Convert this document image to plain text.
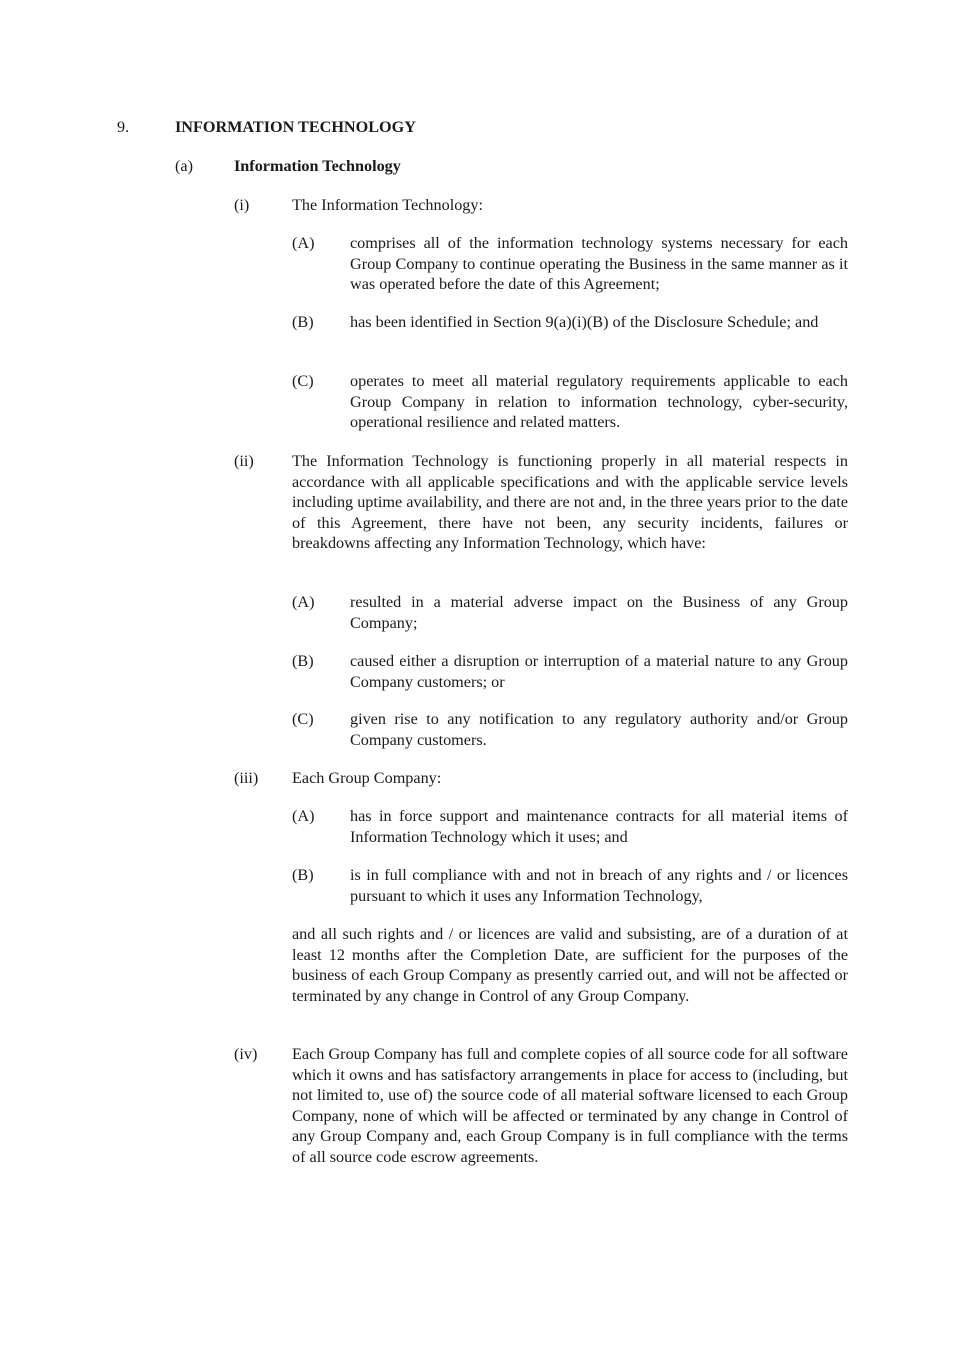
9.	INFORMATION TECHNOLOGY
(a)	Information Technology
(i)	The Information Technology:
(A) comprises all of the information technology systems necessary for each Group Company to continue operating the Business in the same manner as it was operated before the date of this Agreement;
(B) has been identified in Section 9(a)(i)(B) of the Disclosure Schedule; and
(C) operates to meet all material regulatory requirements applicable to each Group Company in relation to information technology, cyber-security, operational resilience and related matters.
(ii) The Information Technology is functioning properly in all material respects in accordance with all applicable specifications and with the applicable service levels including uptime availability, and there are not and, in the three years prior to the date of this Agreement, there have not been, any security incidents, failures or breakdowns affecting any Information Technology, which have:
(A) resulted in a material adverse impact on the Business of any Group Company;
(B) caused either a disruption or interruption of a material nature to any Group Company customers; or
(C) given rise to any notification to any regulatory authority and/or Group Company customers.
(iii) Each Group Company:
(A) has in force support and maintenance contracts for all material items of Information Technology which it uses; and
(B) is in full compliance with and not in breach of any rights and / or licences pursuant to which it uses any Information Technology,
and all such rights and / or licences are valid and subsisting, are of a duration of at least 12 months after the Completion Date, are sufficient for the purposes of the business of each Group Company as presently carried out, and will not be affected or terminated by any change in Control of any Group Company.
(iv) Each Group Company has full and complete copies of all source code for all software which it owns and has satisfactory arrangements in place for access to (including, but not limited to, use of) the source code of all material software licensed to each Group Company, none of which will be affected or terminated by any change in Control of any Group Company and, each Group Company is in full compliance with the terms of all source code escrow agreements.
